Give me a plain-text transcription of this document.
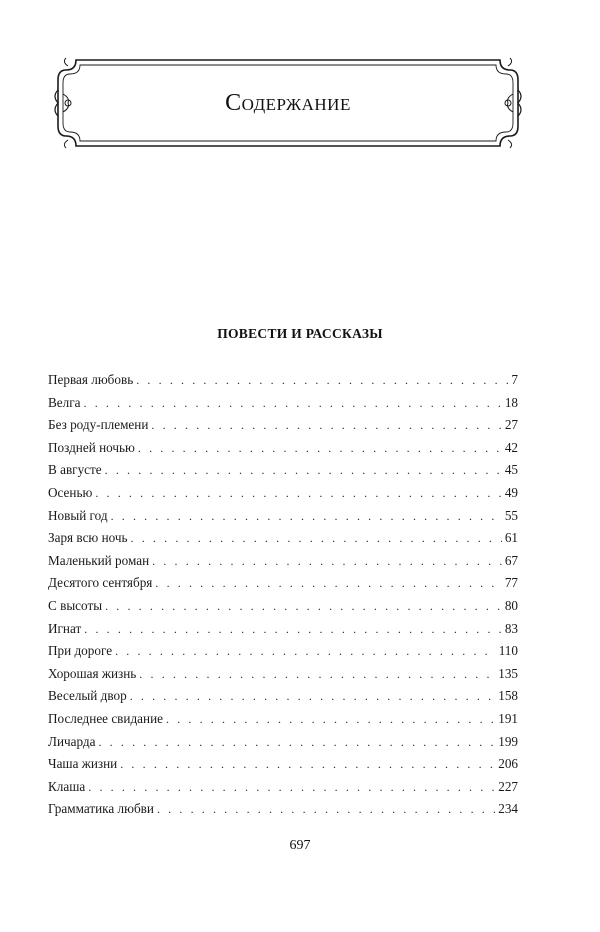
Содержание
ПОВЕСТИ И РАССКАЗЫ
Первая любовь . . .	7
Велга . . .	18
Без роду-племени . . .	27
Поздней ночью . . .	42
В августе . . .	45
Осенью . . .	49
Новый год . . .	55
Заря всю ночь . . .	61
Маленький роман . . .	67
Десятого сентября . . .	77
С высоты . . .	80
Игнат . . .	83
При дороге . . .	110
Хорошая жизнь . . .	135
Веселый двор . . .	158
Последнее свидание . . .	191
Личарда . . .	199
Чаша жизни . . .	206
Клаша . . .	227
Грамматика любви . . .	234
697
